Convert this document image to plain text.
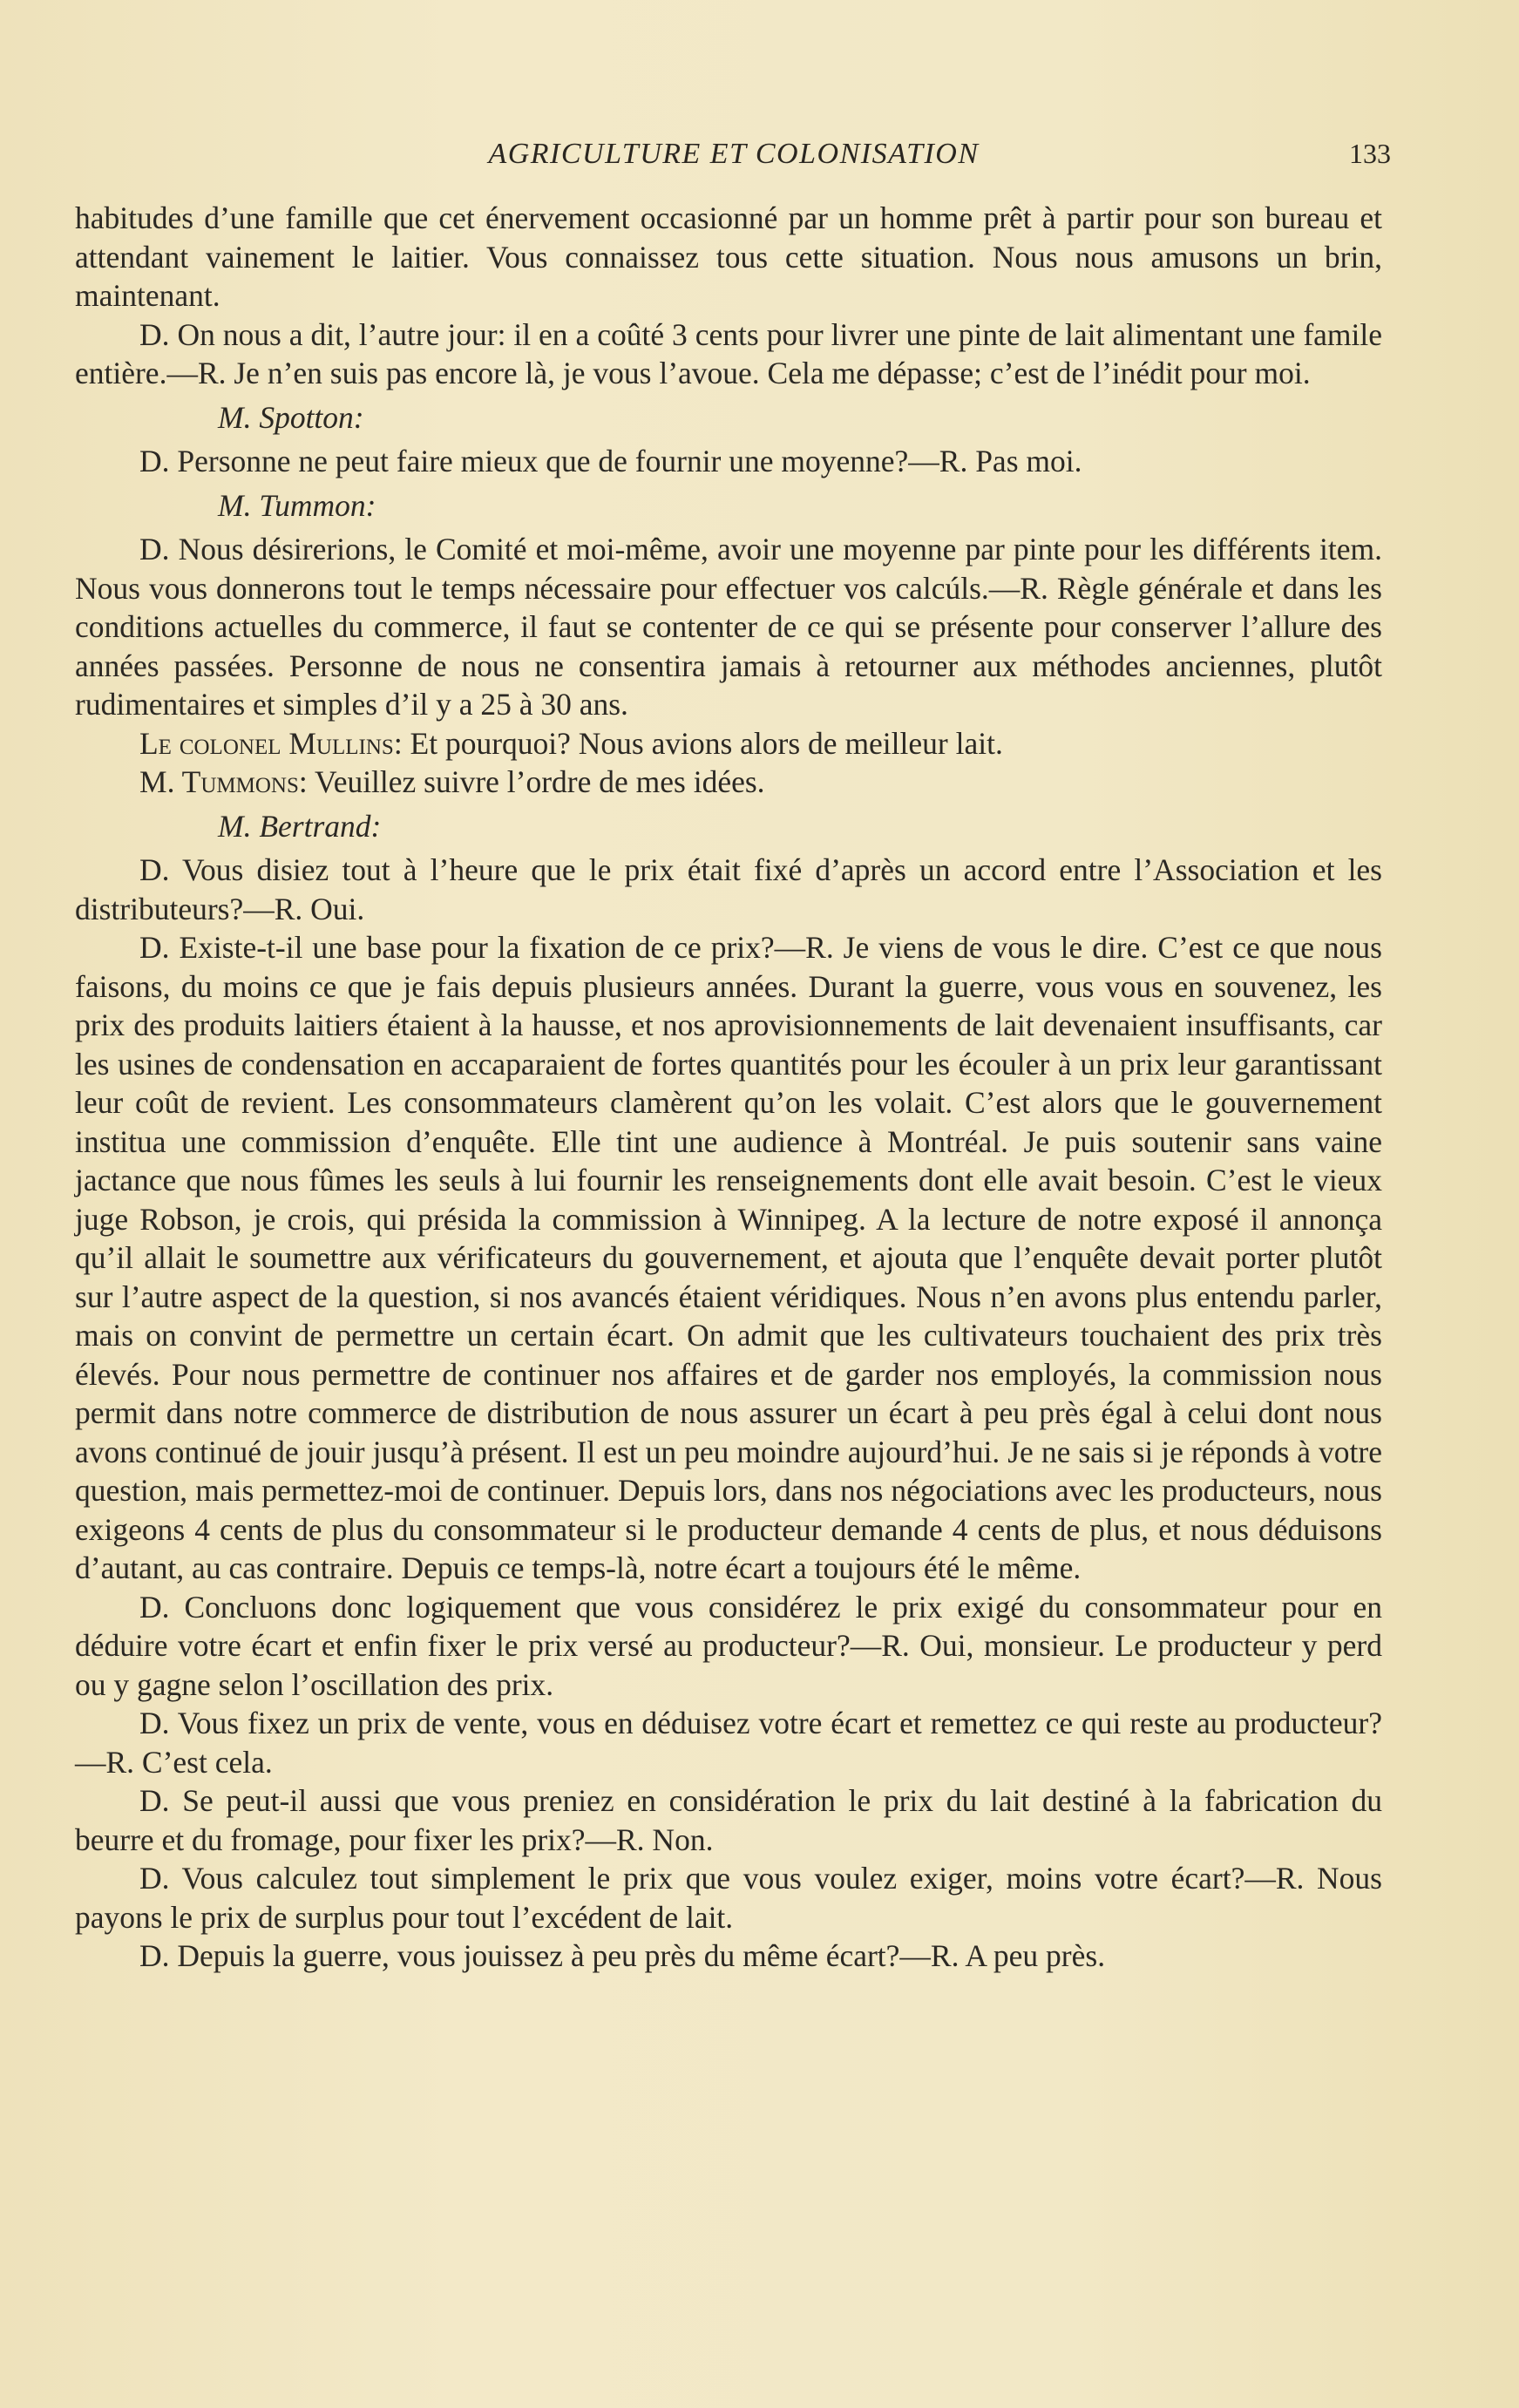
AGRICULTURE ET COLONISATION	133

habitudes d’une famille que cet énervement occasionné par un homme prêt à partir pour son bureau et attendant vainement le laitier. Vous connaissez tous cette situation. Nous nous amusons un brin, maintenant.

D. On nous a dit, l’autre jour: il en a coûté 3 cents pour livrer une pinte de lait alimentant une famile entière.—R. Je n’en suis pas encore là, je vous l’avoue. Cela me dépasse; c’est de l’inédit pour moi.

M. Spotton:

D. Personne ne peut faire mieux que de fournir une moyenne?—R. Pas moi.

M. Tummon:

D. Nous désirerions, le Comité et moi-même, avoir une moyenne par pinte pour les différents item. Nous vous donnerons tout le temps nécessaire pour effectuer vos calcúls.—R. Règle générale et dans les conditions actuelles du commerce, il faut se contenter de ce qui se présente pour conserver l’allure des années passées. Personne de nous ne consentira jamais à retourner aux méthodes anciennes, plutôt rudimentaires et simples d’il y a 25 à 30 ans.

Le colonel Mullins: Et pourquoi? Nous avions alors de meilleur lait.

M. Tummons: Veuillez suivre l’ordre de mes idées.

M. Bertrand:

D. Vous disiez tout à l’heure que le prix était fixé d’après un accord entre l’Association et les distributeurs?—R. Oui.

D. Existe-t-il une base pour la fixation de ce prix?—R. Je viens de vous le dire. C’est ce que nous faisons, du moins ce que je fais depuis plusieurs années. Durant la guerre, vous vous en souvenez, les prix des produits laitiers étaient à la hausse, et nos aprovisionnements de lait devenaient insuffisants, car les usines de condensation en accaparaient de fortes quantités pour les écouler à un prix leur garantissant leur coût de revient. Les consommateurs clamèrent qu’on les volait. C’est alors que le gouvernement institua une commission d’enquête. Elle tint une audience à Montréal. Je puis soutenir sans vaine jactance que nous fûmes les seuls à lui fournir les renseignements dont elle avait besoin. C’est le vieux juge Robson, je crois, qui présida la commission à Winnipeg. A la lecture de notre exposé il annonça qu’il allait le soumettre aux vérificateurs du gouvernement, et ajouta que l’enquête devait porter plutôt sur l’autre aspect de la question, si nos avancés étaient véridiques. Nous n’en avons plus entendu parler, mais on convint de permettre un certain écart. On admit que les cultivateurs touchaient des prix très élevés. Pour nous permettre de continuer nos affaires et de garder nos employés, la commission nous permit dans notre commerce de distribution de nous assurer un écart à peu près égal à celui dont nous avons continué de jouir jusqu’à présent. Il est un peu moindre aujourd’hui. Je ne sais si je réponds à votre question, mais permettez-moi de continuer. Depuis lors, dans nos négociations avec les producteurs, nous exigeons 4 cents de plus du consommateur si le producteur demande 4 cents de plus, et nous déduisons d’autant, au cas contraire. Depuis ce temps-là, notre écart a toujours été le même.

D. Concluons donc logiquement que vous considérez le prix exigé du consommateur pour en déduire votre écart et enfin fixer le prix versé au producteur?—R. Oui, monsieur. Le producteur y perd ou y gagne selon l’oscillation des prix.

D. Vous fixez un prix de vente, vous en déduisez votre écart et remettez ce qui reste au producteur?—R. C’est cela.

D. Se peut-il aussi que vous preniez en considération le prix du lait destiné à la fabrication du beurre et du fromage, pour fixer les prix?—R. Non.

D. Vous calculez tout simplement le prix que vous voulez exiger, moins votre écart?—R. Nous payons le prix de surplus pour tout l’excédent de lait.

D. Depuis la guerre, vous jouissez à peu près du même écart?—R. A peu près.
